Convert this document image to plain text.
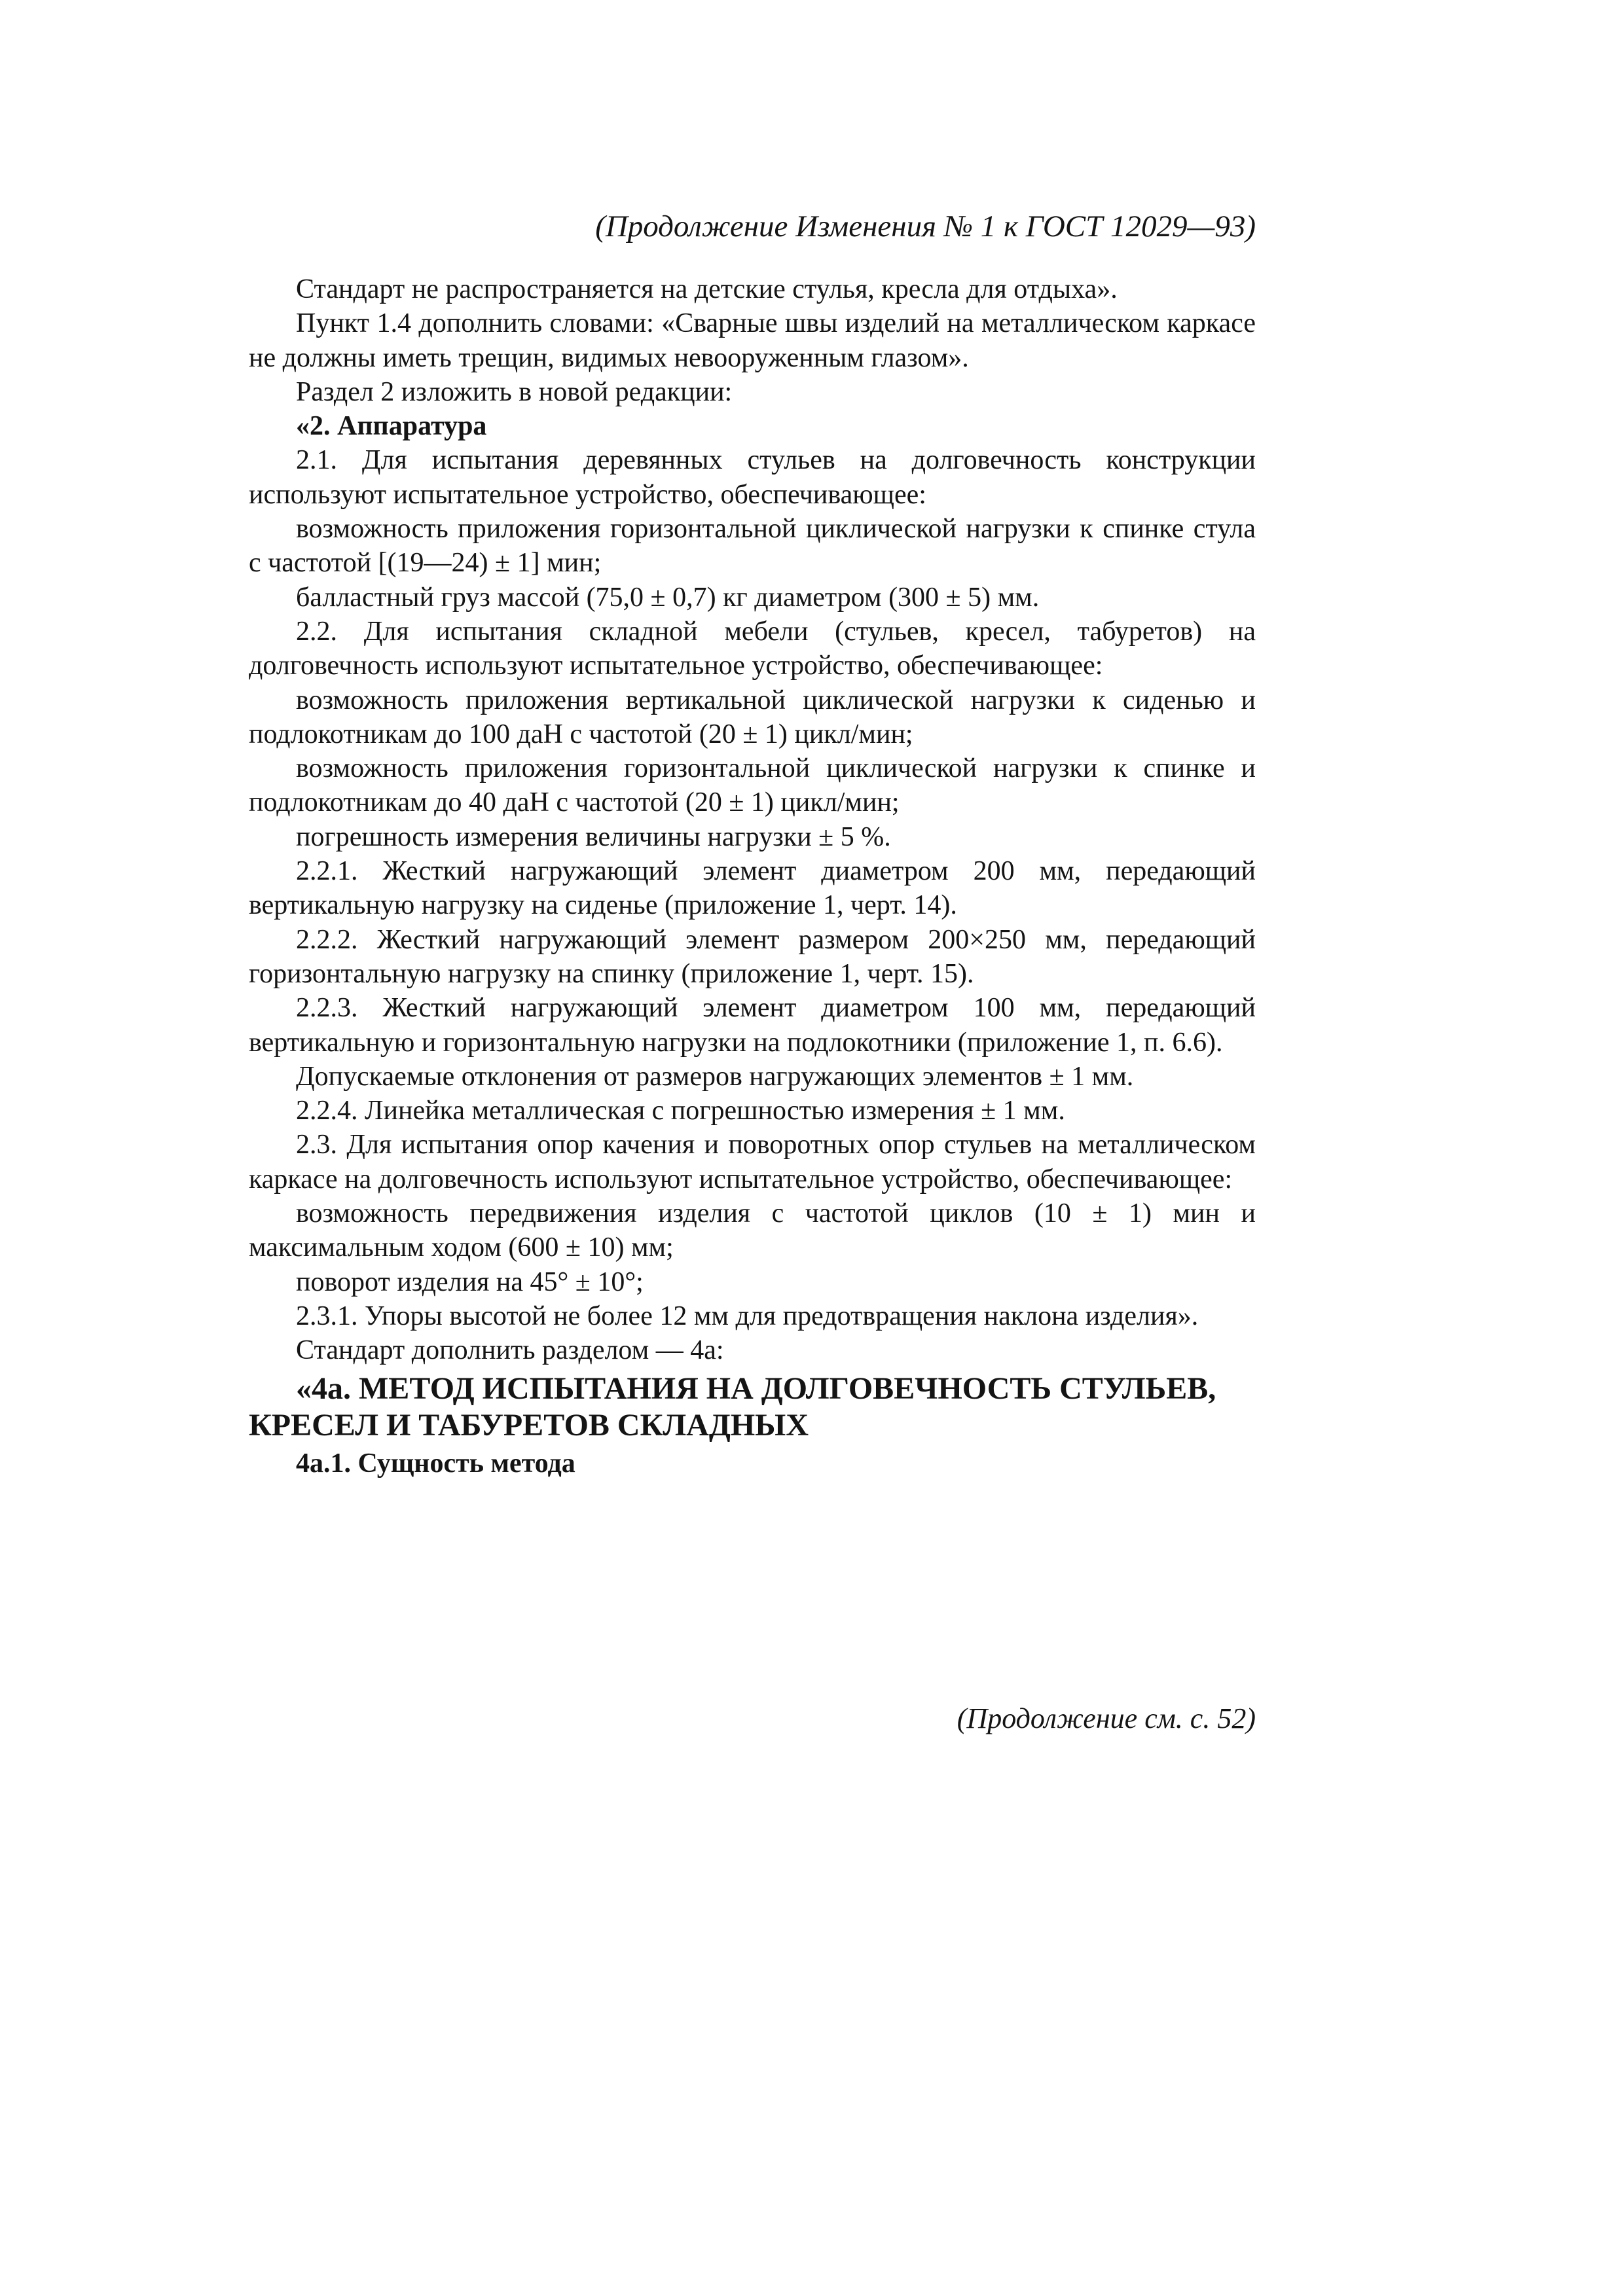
(Продолжение Изменения № 1 к ГОСТ 12029—93)

Стандарт не распространяется на детские стулья, кресла для отдыха».

Пункт 1.4 дополнить словами: «Сварные швы изделий на металлическом каркасе не должны иметь трещин, видимых невооруженным глазом».

Раздел 2 изложить в новой редакции:

«2. Аппаратура

2.1. Для испытания деревянных стульев на долговечность конструкции используют испытательное устройство, обеспечивающее:

возможность приложения горизонтальной циклической нагрузки к спинке стула с частотой [(19—24) ± 1] мин;

балластный груз массой (75,0 ± 0,7) кг диаметром (300 ± 5) мм.

2.2. Для испытания складной мебели (стульев, кресел, табуретов) на долговечность используют испытательное устройство, обеспечивающее:

возможность приложения вертикальной циклической нагрузки к сиденью и подлокотникам до 100 даН с частотой (20 ± 1) цикл/мин;

возможность приложения горизонтальной циклической нагрузки к спинке и подлокотникам до 40 даН с частотой (20 ± 1) цикл/мин;

погрешность измерения величины нагрузки ± 5 %.

2.2.1. Жесткий нагружающий элемент диаметром 200 мм, передающий вертикальную нагрузку на сиденье (приложение 1, черт. 14).

2.2.2. Жесткий нагружающий элемент размером 200×250 мм, передающий горизонтальную нагрузку на спинку (приложение 1, черт. 15).

2.2.3. Жесткий нагружающий элемент диаметром 100 мм, передающий вертикальную и горизонтальную нагрузки на подлокотники (приложение 1, п. 6.6).

Допускаемые отклонения от размеров нагружающих элементов ± 1 мм.

2.2.4. Линейка металлическая с погрешностью измерения ± 1 мм.

2.3. Для испытания опор качения и поворотных опор стульев на металлическом каркасе на долговечность используют испытательное устройство, обеспечивающее:

возможность передвижения изделия с частотой циклов (10 ± 1) мин и максимальным ходом (600 ± 10) мм;

поворот изделия на 45° ± 10°;

2.3.1. Упоры высотой не более 12 мм для предотвращения наклона изделия».

Стандарт дополнить разделом — 4а:

«4а. МЕТОД ИСПЫТАНИЯ НА ДОЛГОВЕЧНОСТЬ СТУЛЬЕВ, КРЕСЕЛ И ТАБУРЕТОВ СКЛАДНЫХ

4а.1. Сущность метода

(Продолжение см. с. 52)
